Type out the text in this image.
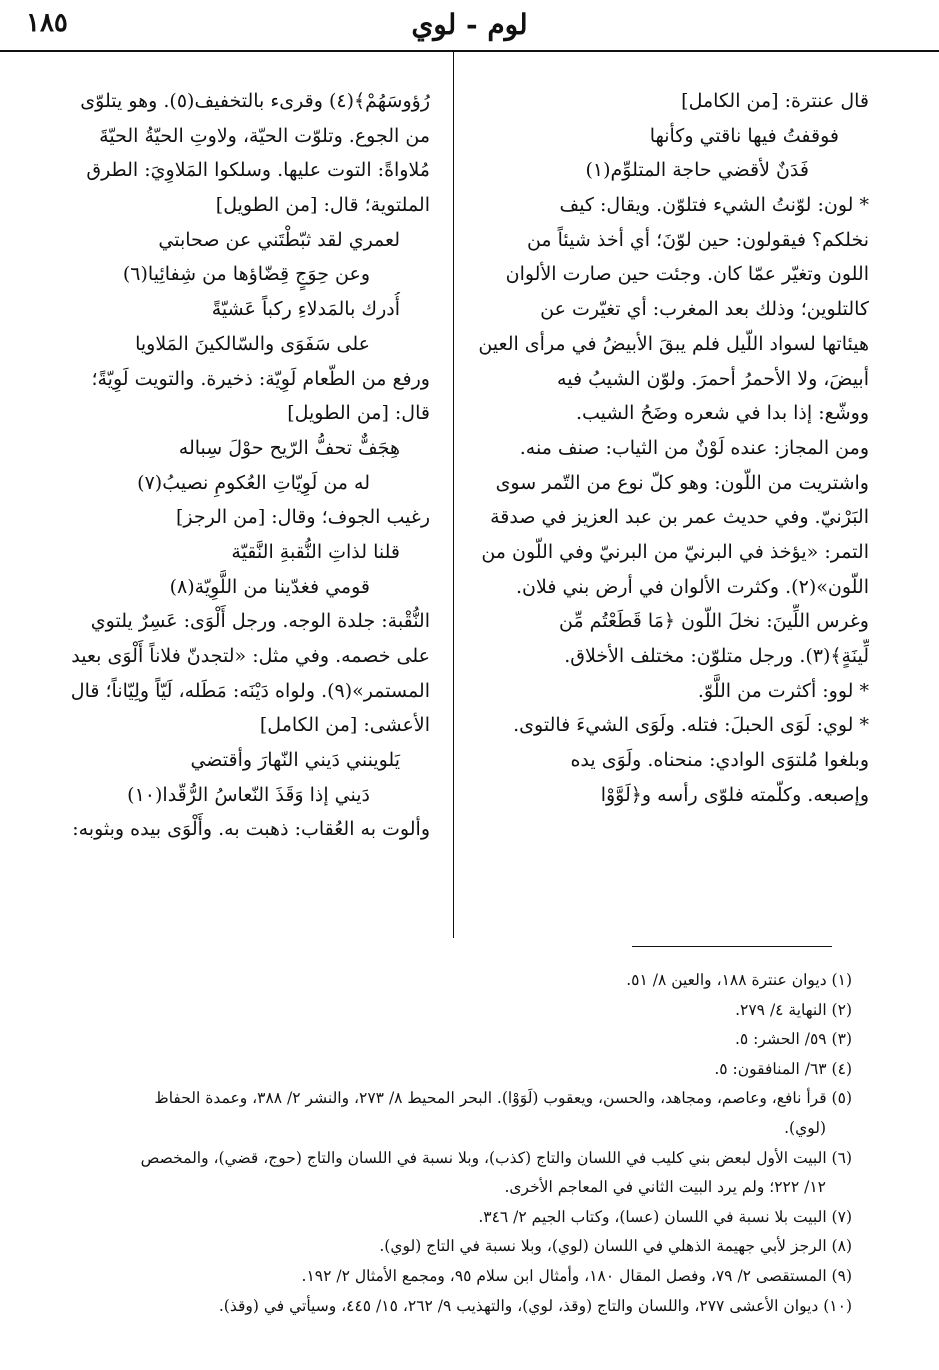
١٨٥	لوم - لوي
قال عنترة: [من الكامل]
فوقفتُ فيها ناقتي وكأنها
فَدَنٌ لأقضي حاجة المتلوِّم(١)
* لون: لوّنتُ الشيء فتلوّن. ويقال: كيف
نخلكم؟ فيقولون: حين لوّنَ؛ أي أخذ شيئاً من
اللون وتغيّر عمّا كان. وجئت حين صارت الألوان
كالتلوين؛ وذلك بعد المغرب: أي تغيّرت عن
هيئاتها لسواد اللّيل فلم يبقَ الأبيضُ في مرأى العين
أبيضَ، ولا الأحمرُ أحمرَ. ولوّن الشيبُ فيه
ووشّع: إذا بدا في شعره وضَحُ الشيب.
ومن المجاز: عنده لَوْنٌ من الثياب: صنف منه.
واشتريت من اللّون: وهو كلّ نوع من التّمر سوى
البَرْنيّ. وفي حديث عمر بن عبد العزيز في صدقة
التمر: «يؤخذ في البرنيّ من البرنيّ وفي اللّون من
اللّون»(٢). وكثرت الألوان في أرض بني فلان.
وغرس اللِّينَ: نخلَ اللّون ﴿مَا قَطَعْتُم مِّن
لِّينَةٍ﴾(٣). ورجل متلوّن: مختلف الأخلاق.
* لوو: أكثرت من اللَّوّ.
* لوي: لَوَى الحبلَ: فتله. ولَوَى الشيءَ فالتوى.
وبلغوا مُلتوَى الوادي: منحناه. ولَوَى يده
وإصبعه. وكلّمته فلوّى رأسه و﴿لَوَّوْا
رُؤوسَهُمْ﴾(٤) وقرىء بالتخفيف(٥). وهو يتلوّى
من الجوع. وتلوّت الحيّة، ولاوتِ الحيّةُ الحيّةَ
مُلاواةً: التوت عليها. وسلكوا المَلاوِيَ: الطرق
الملتوية؛ قال: [من الطويل]
لعمري لقد ثبّطْتَني عن صحابتي
وعن حِوَجٍ قِضّاؤها من شِفائِيا(٦)
أُدرك بالمَدلاءِ ركباً عَشيّةً
على سَفَوَى والسّالكينَ المَلاويا
ورفع من الطّعام لَوِيّة: ذخيرة. والتويت لَوِيّةً؛
قال: [من الطويل]
هِجَفٌّ تحفُّ الرّيح حوْلَ سِباله
له من لَوِيّاتِ العُكومِ نصيبُ(٧)
رغيب الجوف؛ وقال: [من الرجز]
قلنا لذاتِ النُّقبةِ النَّقيّة
قومي فغدّينا من اللَّوِيّة(٨)
النُّقْبة: جلدة الوجه. ورجل أَلْوَى: عَسِرٌ يلتوي
على خصمه. وفي مثل: «لتجدنّ فلاناً أَلْوَى بعيد
المستمر»(٩). ولواه دَيْنَه: مَطَله، لَيّاً ولِيّاناً؛ قال
الأعشى: [من الكامل]
يَلوينني دَيني النّهارَ وأقتضي
دَيني إذا وَقَذَ النّعاسُ الرُّقّدا(١٠)
وألوت به العُقاب: ذهبت به. وأَلْوَى بيده وبثوبه:
(١) ديوان عنترة ١٨٨، والعين ٨/ ٥١.
(٢) النهاية ٤/ ٢٧٩.
(٣) ٥٩/ الحشر: ٥.
(٤) ٦٣/ المنافقون: ٥.
(٥) قرأ نافع، وعاصم، ومجاهد، والحسن، ويعقوب (لَوَوْا). البحر المحيط ٨/ ٢٧٣، والنشر ٢/ ٣٨٨، وعمدة الحفاظ
(لوي).
(٦) البيت الأول لبعض بني كليب في اللسان والتاج (كذب)، وبلا نسبة في اللسان والتاج (حوج، قضي)، والمخصص
١٢/ ٢٢٢؛ ولم يرد البيت الثاني في المعاجم الأخرى.
(٧) البيت بلا نسبة في اللسان (عسا)، وكتاب الجيم ٢/ ٣٤٦.
(٨) الرجز لأبي جهيمة الذهلي في اللسان (لوي)، وبلا نسبة في التاج (لوي).
(٩) المستقصى ٢/ ٧٩، وفصل المقال ١٨٠، وأمثال ابن سلام ٩٥، ومجمع الأمثال ٢/ ١٩٢.
(١٠) ديوان الأعشى ٢٧٧، واللسان والتاج (وقذ، لوي)، والتهذيب ٩/ ٢٦٢، ١٥/ ٤٤٥، وسيأتي في (وقذ).
